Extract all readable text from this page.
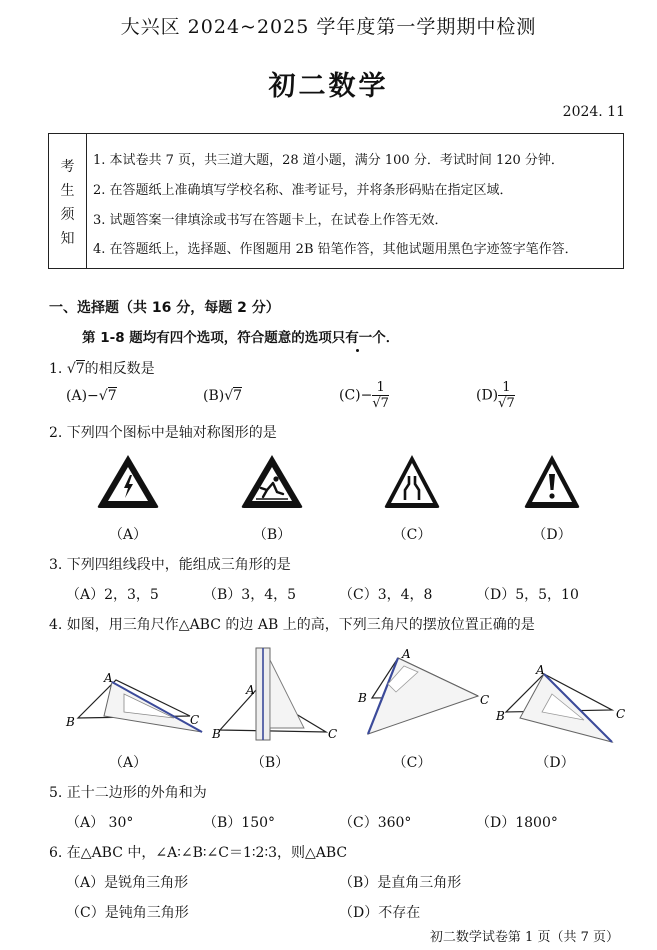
大兴区 2024~2025 学年度第一学期期中检测
初二数学
2024. 11
考
生
须
知
1. 本试卷共 7 页，共三道大题，28 道小题，满分 100 分．考试时间 120 分钟．
2. 在答题纸上准确填写学校名称、准考证号，并将条形码贴在指定区域．
3. 试题答案一律填涂或书写在答题卡上，在试卷上作答无效．
4. 在答题纸上，选择题、作图题用 2B 铅笔作答，其他试题用黑色字迹签字笔作答．
一、选择题（共 16 分，每题 2 分）
第 1-8 题均有四个选项，符合题意的选项只有一个．
1. √7的相反数是
(A)−√7	(B)√7	$(C)- \frac{1}{√7}$	$(D) \frac{1}{√7}$
2. 下列四个图标中是轴对称图形的是
（A）	（B）	（C）	（D）
3. 下列四组线段中，能组成三角形的是
（A）2，3，5	（B）3，4，5	（C）3，4，8	（D）5，5，10
4. 如图，用三角尺作△ABC 的边 AB 上的高，下列三角尺的摆放位置正确的是
A
B	C
A
B	C
A
B	C
A
B	C
（A）	（B）	（C）	（D）
5. 正十二边形的外角和为
（A） 30°	（B）150°	（C）360°	（D）1800°
6. 在△ABC 中，∠A∶∠B∶∠C＝1∶2∶3，则△ABC
（A）是锐角三角形	（B）是直角三角形
（C）是钝角三角形	（D）不存在
初二数学试卷第 1 页（共 7 页）
